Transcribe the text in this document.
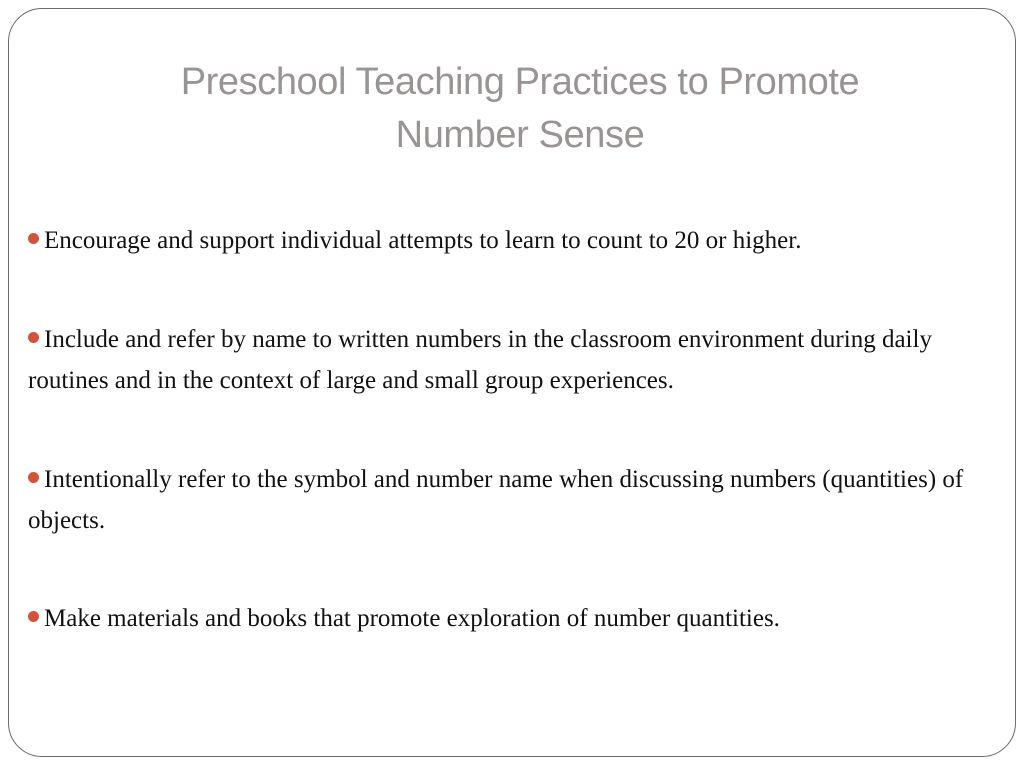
Preschool Teaching Practices to Promote
Number Sense
Encourage and support individual attempts to learn to count to 20 or higher.
Include and refer by name to written numbers in the classroom environment during daily routines and in the context of large and small group experiences.
Intentionally refer to the symbol and number name when discussing numbers (quantities) of objects.
Make materials and books that promote exploration of number quantities.
